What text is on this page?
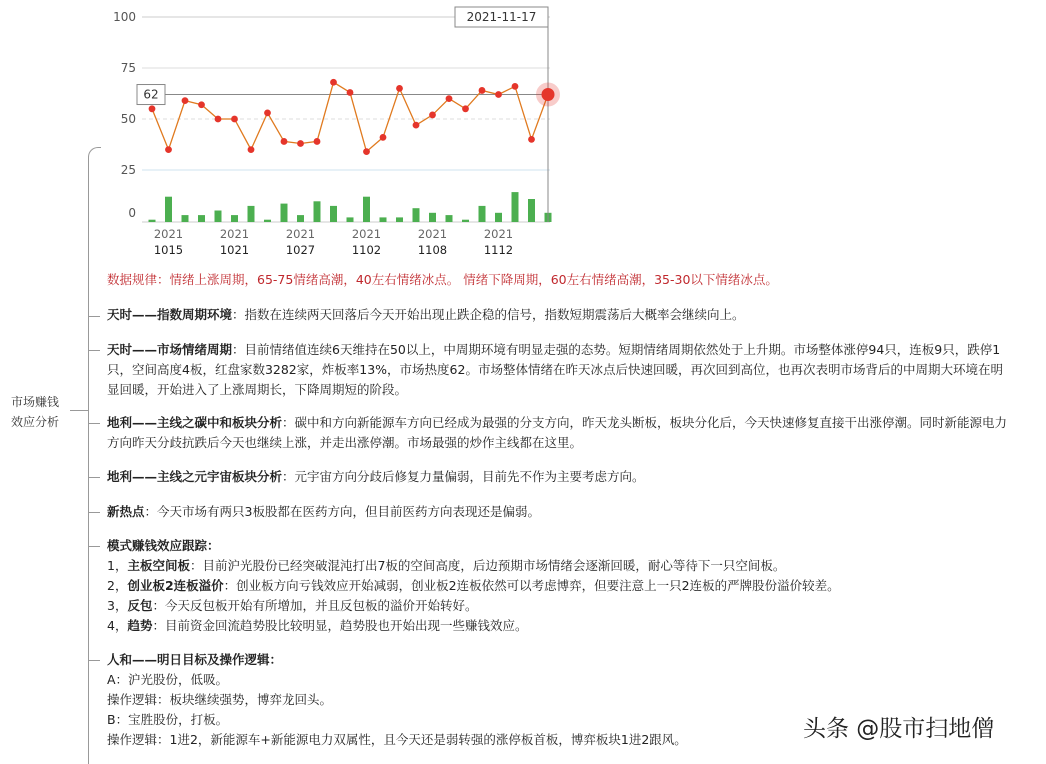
100
75
50
25
0
2021
1015
2021
1021
2021
1027
2021
1102
2021
1108
2021
1112
2021-11-17
62
市场赚钱
效应分析
数据规律：情绪上涨周期，65-75情绪高潮，40左右情绪冰点。 情绪下降周期，60左右情绪高潮，35-30以下情绪冰点。
天时——指数周期环境：指数在连续两天回落后今天开始出现止跌企稳的信号，指数短期震荡后大概率会继续向上。
天时——市场情绪周期：目前情绪值连续6天维持在50以上，中周期环境有明显走强的态势。短期情绪周期依然处于上升期。市场整体涨停94只，连板9只，跌停1只，空间高度4板，红盘家数3282家，炸板率13%，市场热度62。市场整体情绪在昨天冰点后快速回暖，再次回到高位，也再次表明市场背后的中周期大环境在明显回暖，开始进入了上涨周期长，下降周期短的阶段。
地利——主线之碳中和板块分析：碳中和方向新能源车方向已经成为最强的分支方向，昨天龙头断板，板块分化后，今天快速修复直接干出涨停潮。同时新能源电力方向昨天分歧抗跌后今天也继续上涨，并走出涨停潮。市场最强的炒作主线都在这里。
地利——主线之元宇宙板块分析：元宇宙方向分歧后修复力量偏弱，目前先不作为主要考虑方向。
新热点：今天市场有两只3板股都在医药方向，但目前医药方向表现还是偏弱。
模式赚钱效应跟踪：
1，主板空间板：目前沪光股份已经突破混沌打出7板的空间高度，后边预期市场情绪会逐渐回暖，耐心等待下一只空间板。
2，创业板2连板溢价：创业板方向亏钱效应开始减弱，创业板2连板依然可以考虑博弈，但要注意上一只2连板的严牌股份溢价较差。
3，反包：今天反包板开始有所增加，并且反包板的溢价开始转好。
4，趋势：目前资金回流趋势股比较明显，趋势股也开始出现一些赚钱效应。
人和——明日目标及操作逻辑：
A：沪光股份，低吸。
操作逻辑：板块继续强势，博弈龙回头。
B：宝胜股份，打板。
操作逻辑：1进2，新能源车+新能源电力双属性，且今天还是弱转强的涨停板首板，博弈板块1进2跟风。	头条 @股市扫地僧
